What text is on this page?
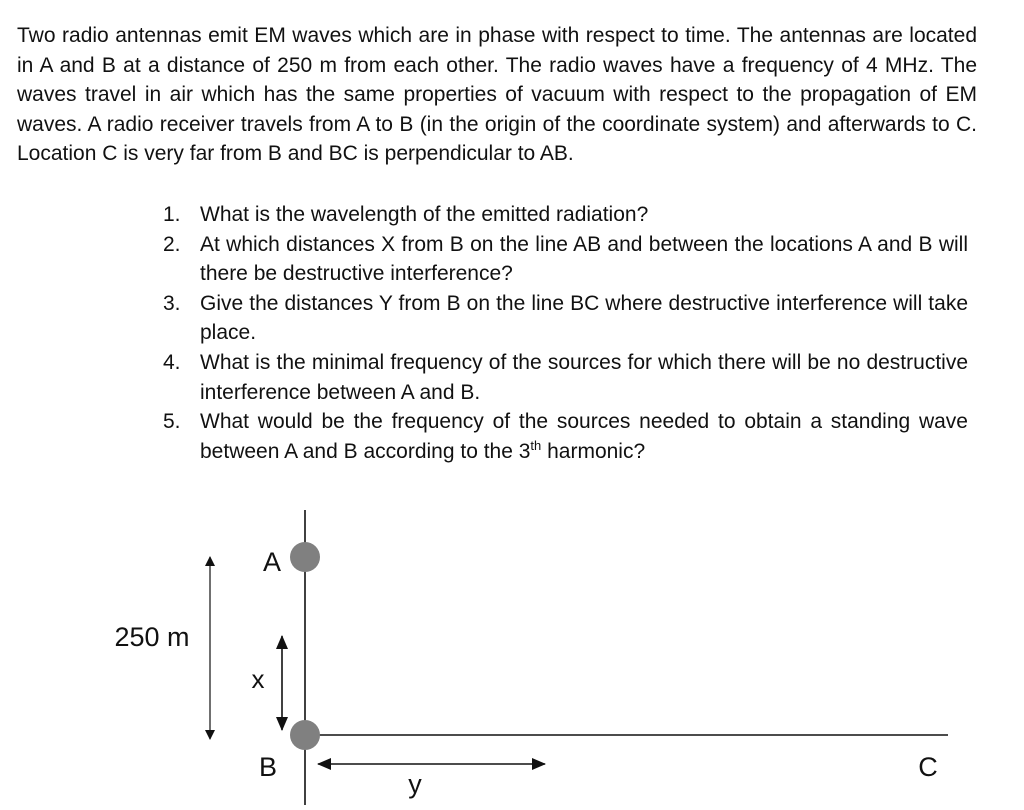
Two radio antennas emit EM waves which are in phase with respect to time. The antennas are located in A and B at a distance of 250 m from each other. The radio waves have a frequency of 4 MHz. The waves travel in air which has the same properties of vacuum with respect to the propagation of EM waves. A radio receiver travels from A to B (in the origin of the coordinate system) and afterwards to C. Location C is very far from B and BC is perpendicular to AB.

1. What is the wavelength of the emitted radiation?
2. At which distances X from B on the line AB and between the locations A and B will there be destructive interference?
3. Give the distances Y from B on the line BC where destructive interference will take place.
4. What is the minimal frequency of the sources for which there will be no destructive interference between A and B.
5. What would be the frequency of the sources needed to obtain a standing wave between A and B according to the 3th harmonic?
250 m
x
y
A
B	C
